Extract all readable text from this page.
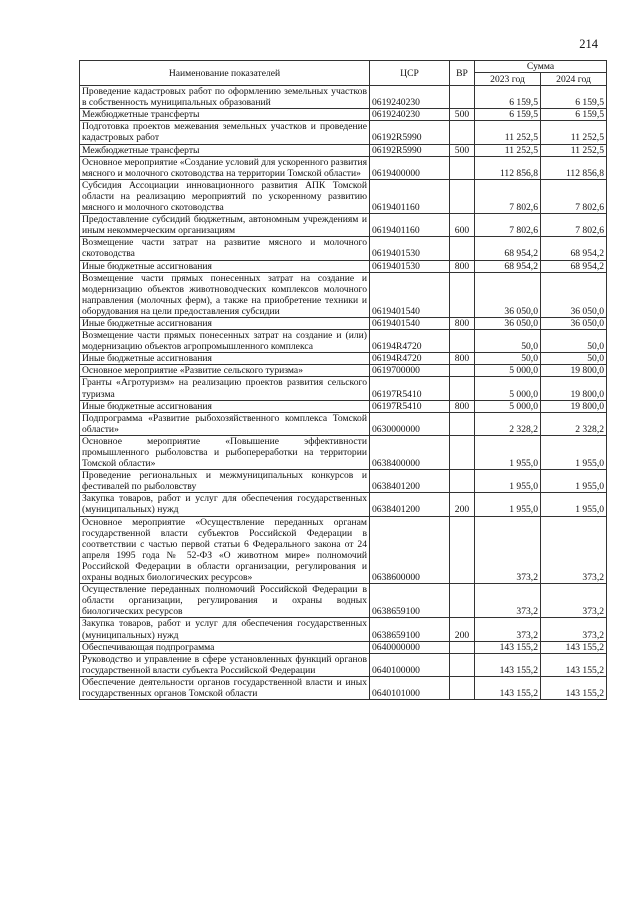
214
Наименование показателей	ЦСР	ВР	Сумма	
			2023 год	2024 год
Проведение кадастровых работ по оформлению земельных участков в собственность муниципальных образований	0619240230		6 159,5	6 159,5
Межбюджетные трансферты	0619240230	500	6 159,5	6 159,5
Подготовка проектов межевания земельных участков и проведение кадастровых работ	06192R5990		11 252,5	11 252,5
Межбюджетные трансферты	06192R5990	500	11 252,5	11 252,5
Основное мероприятие «Создание условий для ускоренного развития мясного и молочного скотоводства на территории Томской области»	0619400000		112 856,8	112 856,8
Субсидия Ассоциации инновационного развития АПК Томской области на реализацию мероприятий по ускоренному развитию мясного и молочного скотоводства	0619401160		7 802,6	7 802,6
Предоставление субсидий бюджетным, автономным учреждениям и иным некоммерческим организациям	0619401160	600	7 802,6	7 802,6
Возмещение части затрат на развитие мясного и молочного скотоводства	0619401530		68 954,2	68 954,2
Иные бюджетные ассигнования	0619401530	800	68 954,2	68 954,2
Возмещение части прямых понесенных затрат на создание и модернизацию объектов животноводческих комплексов молочного направления (молочных ферм), а также на приобретение техники и оборудования на цели предоставления субсидии	0619401540		36 050,0	36 050,0
Иные бюджетные ассигнования	0619401540	800	36 050,0	36 050,0
Возмещение части прямых понесенных затрат на создание и (или) модернизацию объектов агропромышленного комплекса	06194R4720		50,0	50,0
Иные бюджетные ассигнования	06194R4720	800	50,0	50,0
Основное мероприятие «Развитие сельского туризма»	0619700000		5 000,0	19 800,0
Гранты «Агротуризм» на реализацию проектов развития сельского туризма	06197R5410		5 000,0	19 800,0
Иные бюджетные ассигнования	06197R5410	800	5 000,0	19 800,0
Подпрограмма «Развитие рыбохозяйственного комплекса Томской области»	0630000000		2 328,2	2 328,2
Основное мероприятие «Повышение эффективности промышленного рыболовства и рыбопереработки на территории Томской области»	0638400000		1 955,0	1 955,0
Проведение региональных и межмуниципальных конкурсов и фестивалей по рыболовству	0638401200		1 955,0	1 955,0
Закупка товаров, работ и услуг для обеспечения государственных (муниципальных) нужд	0638401200	200	1 955,0	1 955,0
Основное мероприятие «Осуществление переданных органам государственной власти субъектов Российской Федерации в соответствии с частью первой статьи 6 Федерального закона от 24 апреля 1995 года № 52-ФЗ «О животном мире» полномочий Российской Федерации в области организации, регулирования и охраны водных биологических ресурсов»	0638600000		373,2	373,2
Осуществление переданных полномочий Российской Федерации в области организации, регулирования и охраны водных биологических ресурсов	0638659100		373,2	373,2
Закупка товаров, работ и услуг для обеспечения государственных (муниципальных) нужд	0638659100	200	373,2	373,2
Обеспечивающая подпрограмма	0640000000		143 155,2	143 155,2
Руководство и управление в сфере установленных функций органов государственной власти субъекта Российской Федерации	0640100000		143 155,2	143 155,2
Обеспечение деятельности органов государственной власти и иных государственных органов Томской области	0640101000		143 155,2	143 155,2
